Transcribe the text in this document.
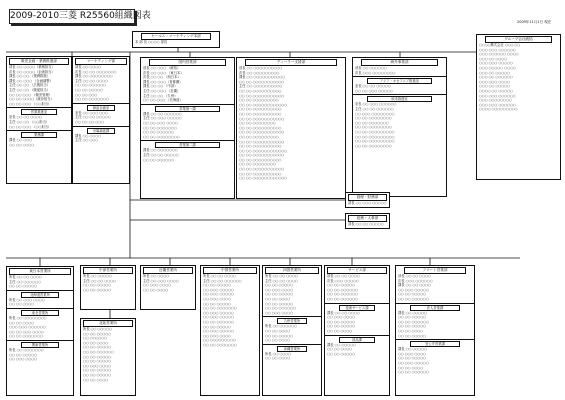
2009-2010三菱 R25560組織図表
2009年11月1日 現在
セールス・マーケティング本部
本 部 長 ○○○○ 部長
販売企画・業務推進部
部長 ○○ ○○○○（業務担当）
次長 ○○ ○○○○（企画担当）
課長 ○○ ○○ （業務推進）
課長 ○○ ○○○ （企画調整）
主任 ○○ ○○ （広報担当）
主任 ○○ ○○ （販促担当）
○○ ○○ ○○○ （販売管理）
○○ ○○ ○○○○（統計担当）
○○ ○○ ○○○ （○○担当）
営業推進室
室長 ○○ ○○ ○○○○
主任 ○○ ○○ （○○担当）
○○ ○○ ○○○ （○○担当）
業務課
課長 ○○ ○○○
○○ ○○ ○○○○
マーケティング部
部長 ○○ ○○○○
次長 ○○ ○○ ○○○○○○○
課長 ○○ ○○○○○○○○
主任 ○○ ○○ ○○○○
○○ ○○ ○○○○○○
○○ ○○ ○○○○○
○○ ○○ ○○○
○○ ○○ ○○○○○○○
商品企画室
室長 ○○ ○○○ ○○○
主任 ○○ ○○ ○○○○○
○○ ○○ ○○ ○○○
市場調査課
課長 ○○ ○○○○
主任 ○○ ○○○
国内営業部
部長 ○○ ○○○ （統括）
次長 ○○ ○○○ （東日本）
次長 ○○ ○○ （西日本）
課長 ○○ ○○○（首都圏）
課長 ○○ ○○ （中部）
主任 ○○ ○○○ （近畿）
主任 ○○ ○○ （九州）
○○ ○○ ○○○ （北海道）
営業第一課
課長 ○○ ○○ ○○○○○○
主任 ○○ ○○○ ○○○○○
○○ ○○ ○○○ ○○○○
○○ ○○ ○○○○○○○
○○ ○○ ○○○○○○
○○ ○○ ○○○○○○○○
営業第二課
課長 ○○ ○○○○○○○
主任 ○○ ○○ ○○○○○
○○ ○○ ○○○○○○
ディーラー支援部
部長 ○○ ○○○○○○○○○○
次長 ○○ ○○○○○○○○○
課長 ○○ ○○○○○○○○○○○
○○ ○○ ○○○○○○○○○○○
主任 ○○ ○○○○○○○○○○
○○ ○○ ○○○○○○○○○○
○○ ○○ ○○○○○○○○○○○
○○ ○○ ○○○○○○○○○
○○ ○○ ○○○○○○○○○○○○
○○ ○○ ○○○○○○○○○○
○○ ○○ ○○○○○○○○○○
○○ ○○ ○○○○○○○○○○○
○○ ○○ ○○○○○○○○
○○ ○○ ○○○○○○○○○○
○○ ○○ ○○○○○○○○○○○
○○ ○○ ○○○○○○○○○
○○ ○○ ○○○○○○○○○○○
○○ ○○ ○○○○○○○○○○
○○ ○○ ○○○○○○○○○○○○
○○ ○○ ○○○○○○○○○○○
○○ ○○ ○○○○○○○○○○
○○ ○○ ○○○○○○○○
○○ ○○ ○○○○○○○○○○○
○○ ○○ ○○○○○○○○○○
○○ ○○ ○○○○○○○○○○○○
海外事業部
部長 ○○ ○○○○○○
次長 ○○○ ○○○○○○○○
アジア・オセアニア推進室
室長 ○○ ○○ ○○○○○
○○ ○○ ○○○ ○○○○○
欧米推進室
室長 ○○ ○○○ ○○○○○○
主任 ○○ ○○ ○○○○○○
○○ ○○○ ○○○○○○○○
○○ ○○ ○○○○○○○○
○○ ○○ ○○○○○○○
○○ ○○ ○○○○○○○○
○○ ○○ ○○○○○○○○○
○○ ○○ ○○○○○○○○○
○○ ○○ ○○○○○○○○○
○○ ○○ ○○○○○○○○
グループ会社統括
○○○○株式会社 ○○○ ○○
○○○ ○○○ ○○○○○○
○○○ ○○○○○○ ○○○○
○○○ ○○ ○○○○
○○○ ○○○ ○○○○○
○○○ ○○○○○ ○○○○
○○○ ○○ ○○○○○
○○○ ○○ ○○○○○○
○○○ ○○○ ○○○○
○○○ ○○ ○○○○○
○○○○ ○○ ○○○○○
○○○ ○○○ ○○○○○○
○○○ ○○○○○○○○
○○○ ○○○ ○○○○○○
○○○○ ○○○○○○○○○
経理・財務部
部長 ○○ ○○○ ○○○○○
総務・人事部
部長 ○○ ○○ ○○○○○
東日本営業所
所長 ○○ ○○ ○○○○
主任 ○○ ○○○○○○
○○ ○○ ○○○○○
北海道営業所
所長 ○○ ○○○ ○○○○
○○ ○○ ○○○○
東北営業所
所長 ○○ ○○○○○○○○
○○ ○○ ○○○○
○○○ ○○○ ○○○○○○
○○ ○○ ○○○ ○○○○
○○ ○○ ○○○○○○○
関東営業所
所長 ○○ ○○○○○○○
○○ ○○ ○○○○○
○○ ○○○ ○○○○
中部営業所
所長 ○○ ○○○○○
主任 ○○ ○○ ○○○○
○○ ○○ ○○○○○
○○ ○○ ○○○○○
北陸営業所
所長 ○○ ○○○○○
○○ ○○ ○○○○○
○○ ○○○○○○
○○ ○○ ○○○○
○○ ○○ ○○○○○
○○ ○○ ○○○○○○
○○ ○○ ○○○○○
○○ ○○ ○○○○○
○○ ○○○ ○○○○
○○ ○○ ○○○○○
○○ ○○ ○○○○○
○○ ○○ ○○○○
近畿営業所
所長 ○○ ○○○○
主任 ○○ ○○○ ○○○○
○○ ○○○ ○○○○
○○ ○○ ○○○○
中国営業所
所長 ○○ ○○ ○○○○
主任 ○○ ○○ ○○○○○○
○○ ○○ ○○○○○
○○ ○○○ ○○○○○
○○ ○○○ ○○○○○
○○ ○○○ ○○○○
○○ ○○ ○○○○○
○○ ○○ ○○○○○○○
○○ ○○○ ○○○○○
○○ ○○○ ○○○○○
○○ ○○ ○○○○○○
○○ ○○ ○○○○○
○○ ○○○ ○○○○○
○○ ○○○ ○○○○
○○ ○○○○○○○○○
○○ ○○ ○○○○○○○
四国営業所
所長 ○○ ○○ ○○○○
主任 ○○ ○○ ○○○○
○○ ○○ ○○○○○
○○ ○○○ ○○○○
○○ ○○ ○○○○○
○○ ○○ ○○○○
○○ ○○ ○○○○○
○○ ○○ ○○○○○○
○○ ○○○ ○○○○
九州営業所
所長 ○○ ○○○○○○
○○ ○○ ○○○○
○○ ○○ ○○○○○
○○ ○○ ○○○○
沖縄営業所
所長 ○○ ○○○○
○○ ○○ ○○○○
サービス部
部長 ○○ ○○ ○○○○
次長 ○○○ ○○○○○
○○ ○○ ○○○○○
○○ ○○ ○○○○○○
○○ ○○ ○○○○○○
○○ ○○ ○○○○○○
技術サービス課
課長 ○○ ○○ ○○○○
○○ ○○○ ○○○○
○○ ○○ ○○○○○
○○ ○○ ○○○○○
○○ ○○ ○○○○
部品課
課長 ○○ ○○○○○
○○ ○○ ○○○○
○○ ○○ ○○○○○
フリート営業部
部長 ○○ ○○ ○○○○
次長 ○○○ ○○○○○○
課長 ○○ ○○ ○○○○
○○ ○○○ ○○○○○
○○ ○○ ○○○○○
○○ ○○ ○○○○○○
法人営業課
課長 ○○ ○○○○○
○○ ○○ ○○○○○
○○ ○○ ○○○○○○
○○ ○○ ○○○○○
○○ ○○ ○○○○
○○ ○○ ○○○○○
官公庁営業課
課長 ○○ ○○○○○
○○ ○○○ ○○○○
○○ ○○ ○○○○○
○○ ○○○ ○○○○○
○○ ○○ ○○○○
○○ ○○ ○○○○○○
